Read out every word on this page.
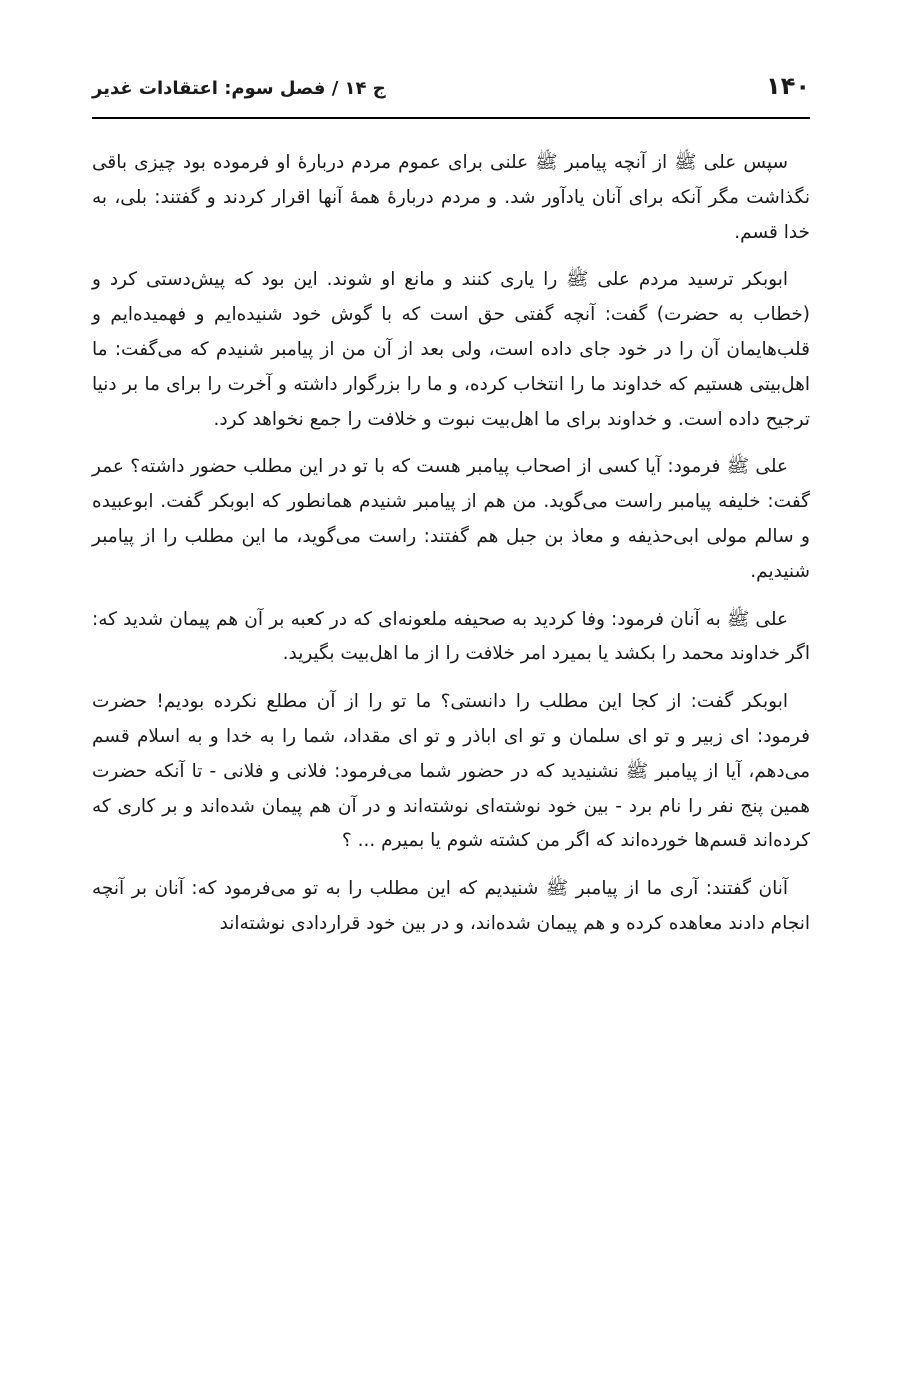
۱۴۰
ج ۱۴ / فصل سوم: اعتقادات غدیر

سپس علی ﷺ از آنچه پیامبر ﷺ علنی برای عموم مردم دربارهٔ او فرموده بود چیزی باقی نگذاشت مگر آنکه برای آنان یادآور شد. و مردم دربارهٔ همهٔ آنها اقرار کردند و گفتند: بلی، به خدا قسم.

ابوبکر ترسید مردم علی ﷺ را یاری کنند و مانع او شوند. این بود که پیش‌دستی کرد و (خطاب به حضرت) گفت: آنچه گفتی حق است که با گوش خود شنیده‌ایم و فهمیده‌ایم و قلب‌هایمان آن را در خود جای داده است، ولی بعد از آن من از پیامبر شنیدم که می‌گفت: ما اهل‌بیتی هستیم که خداوند ما را انتخاب کرده، و ما را بزرگوار داشته و آخرت را برای ما بر دنیا ترجیح داده است. و خداوند برای ما اهل‌بیت نبوت و خلافت را جمع نخواهد کرد.

علی ﷺ فرمود: آیا کسی از اصحاب پیامبر هست که با تو در این مطلب حضور داشته؟ عمر گفت: خلیفه پیامبر راست می‌گوید. من هم از پیامبر شنیدم همانطور که ابوبکر گفت. ابوعبیده و سالم مولی ابی‌حذیفه و معاذ بن جبل هم گفتند: راست می‌گوید، ما این مطلب را از پیامبر شنیدیم.

علی ﷺ به آنان فرمود: وفا کردید به صحیفه ملعونه‌ای که در کعبه بر آن هم پیمان شدید که: اگر خداوند محمد را بکشد یا بمیرد امر خلافت را از ما اهل‌بیت بگیرید.

ابوبکر گفت: از کجا این مطلب را دانستی؟ ما تو را از آن مطلع نکرده بودیم! حضرت فرمود: ای زبیر و تو ای سلمان و تو ای اباذر و تو ای مقداد، شما را به خدا و به اسلام قسم می‌دهم، آیا از پیامبر ﷺ نشنیدید که در حضور شما می‌فرمود: فلانی و فلانی - تا آنکه حضرت همین پنج نفر را نام برد - بین خود نوشته‌ای نوشته‌اند و در آن هم پیمان شده‌اند و بر کاری که کرده‌اند قسم‌ها خورده‌اند که اگر من کشته شوم یا بمیرم ... ؟

آنان گفتند: آری ما از پیامبر ﷺ شنیدیم که این مطلب را به تو می‌فرمود که: آنان بر آنچه انجام دادند معاهده کرده و هم پیمان شده‌اند، و در بین خود قراردادی نوشته‌اند
